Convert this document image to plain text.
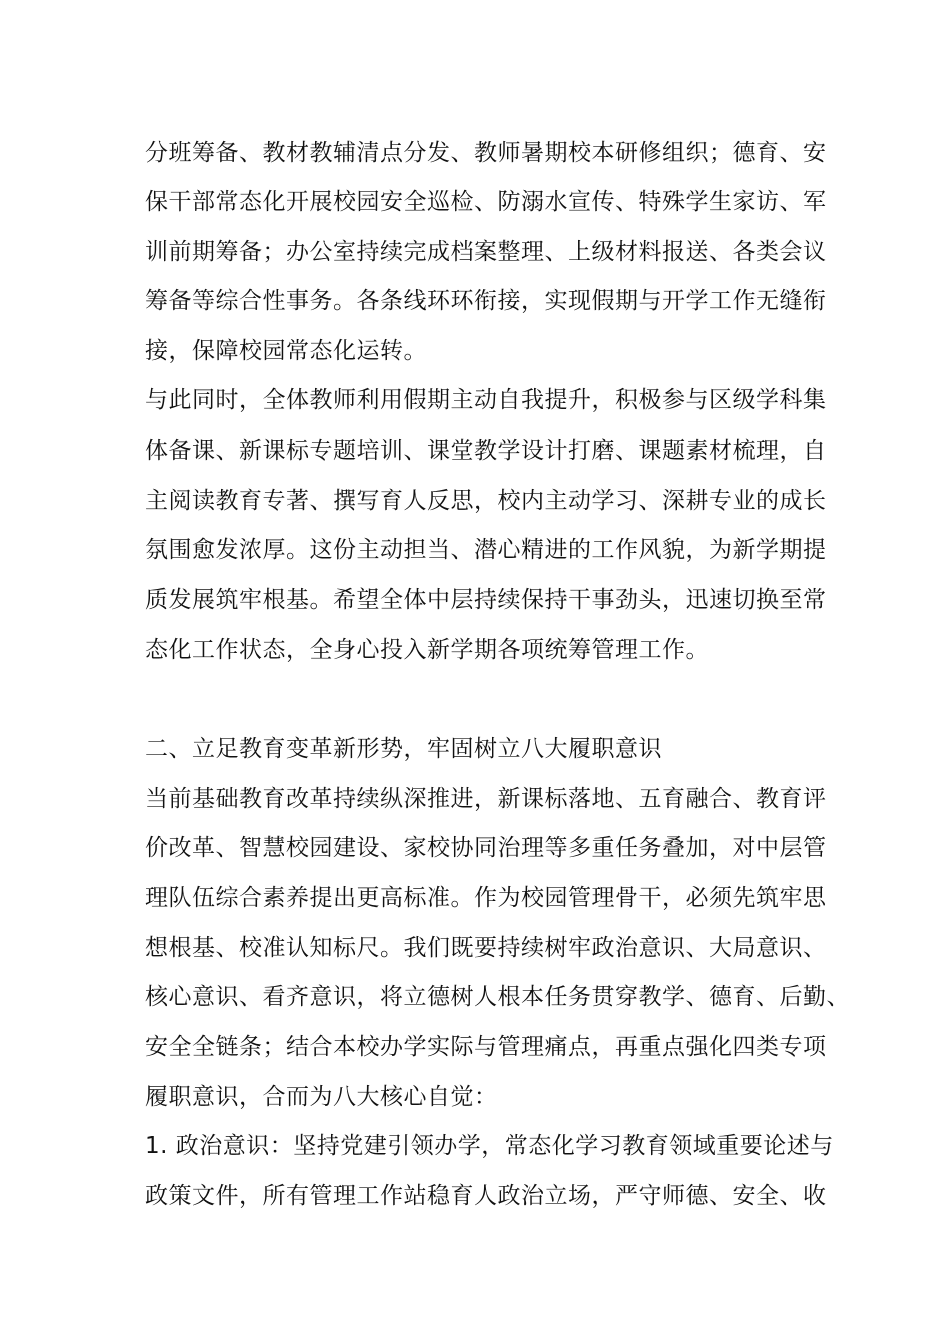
分班筹备、教材教辅清点分发、教师暑期校本研修组织；德育、安
保干部常态化开展校园安全巡检、防溺水宣传、特殊学生家访、军
训前期筹备；办公室持续完成档案整理、上级材料报送、各类会议
筹备等综合性事务。各条线环环衔接，实现假期与开学工作无缝衔
接，保障校园常态化运转。
与此同时，全体教师利用假期主动自我提升，积极参与区级学科集
体备课、新课标专题培训、课堂教学设计打磨、课题素材梳理，自
主阅读教育专著、撰写育人反思，校内主动学习、深耕专业的成长
氛围愈发浓厚。这份主动担当、潜心精进的工作风貌，为新学期提
质发展筑牢根基。希望全体中层持续保持干事劲头，迅速切换至常
态化工作状态，全身心投入新学期各项统筹管理工作。
二、立足教育变革新形势，牢固树立八大履职意识
当前基础教育改革持续纵深推进，新课标落地、五育融合、教育评
价改革、智慧校园建设、家校协同治理等多重任务叠加，对中层管
理队伍综合素养提出更高标准。作为校园管理骨干，必须先筑牢思
想根基、校准认知标尺。我们既要持续树牢政治意识、大局意识、
核心意识、看齐意识，将立德树人根本任务贯穿教学、德育、后勤、
安全全链条；结合本校办学实际与管理痛点，再重点强化四类专项
履职意识，合而为八大核心自觉：
1. 政治意识：坚持党建引领办学，常态化学习教育领域重要论述与
政策文件，所有管理工作站稳育人政治立场，严守师德、安全、收
